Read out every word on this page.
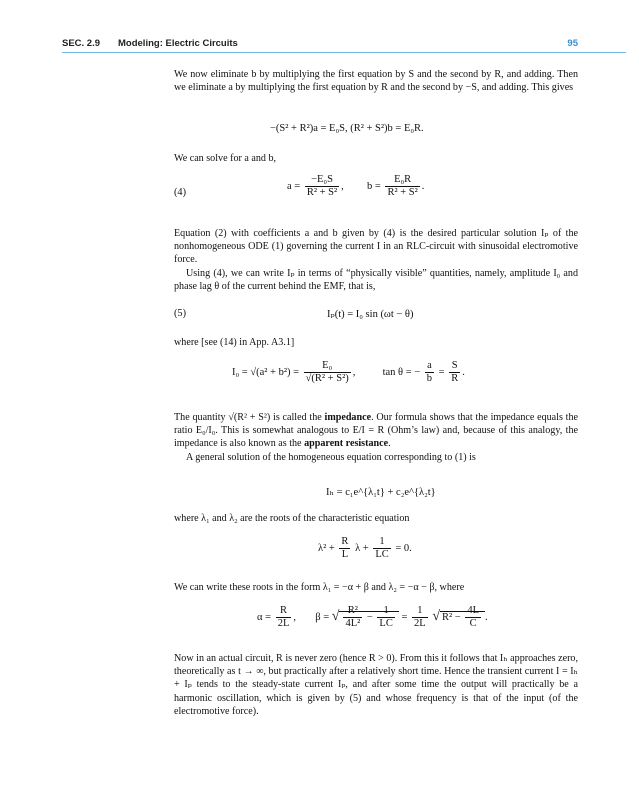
SEC. 2.9 Modeling: Electric Circuits	95

We now eliminate b by multiplying the first equation by S and the second by R, and adding. Then we eliminate a by multiplying the first equation by R and the second by −S, and adding. This gives

−(S² + R²)a = E₀S, (R² + S²)b = E₀R.

We can solve for a and b,

(4)
$a = \frac{\text{−E₀S}}{\text{R² + S²}}$ ,  $b = \frac{\text{E₀R}}{\text{R² + S²}}$ .

Equation (2) with coefficients a and b given by (4) is the desired particular solution Iₚ of the nonhomogeneous ODE (1) governing the current I in an RLC-circuit with sinusoidal electromotive force.

Using (4), we can write Iₚ in terms of “physically visible” quantities, namely, amplitude I₀ and phase lag θ of the current behind the EMF, that is,

(5)	Iₚ(t) = I₀ sin (ωt − θ)

where [see (14) in App. A3.1]

$I_0 = √(a^2 + b^2) = \frac{\text{E₀}}{\text{√(R² + S²)}}$ ,  tan θ = − $\frac{a}{b} = \frac{S}{R}$ .

The quantity √(R² + S²) is called the impedance. Our formula shows that the impedance equals the ratio E₀/I₀. This is somewhat analogous to E/I = R (Ohm’s law) and, because of this analogy, the impedance is also known as the apparent resistance.

A general solution of the homogeneous equation corresponding to (1) is

Iₕ = c₁e^{λ₁t} + c₂e^{λ₂t}

where λ₁ and λ₂ are the roots of the characteristic equation

$\lambda^2 + \frac{R}{L}$ $\lambda + \frac{1}{LC} = 0$.

We can write these roots in the form λ₁ = −α + β and λ₂ = −α − β, where

$\alpha = \frac{R}{2L}$ ,  β = √ $\frac{\text{R²}}{\text{4L²}} - \frac{1}{LC} = \frac{1}{2L}$ √ $R^2 - \frac{4L}{C}$ .

Now in an actual circuit, R is never zero (hence R > 0). From this it follows that Iₕ approaches zero, theoretically as t → ∞, but practically after a relatively short time. Hence the transient current I = Iₕ + Iₚ tends to the steady-state current Iₚ, and after some time the output will practically be a harmonic oscillation, which is given by (5) and whose frequency is that of the input (of the electromotive force).
